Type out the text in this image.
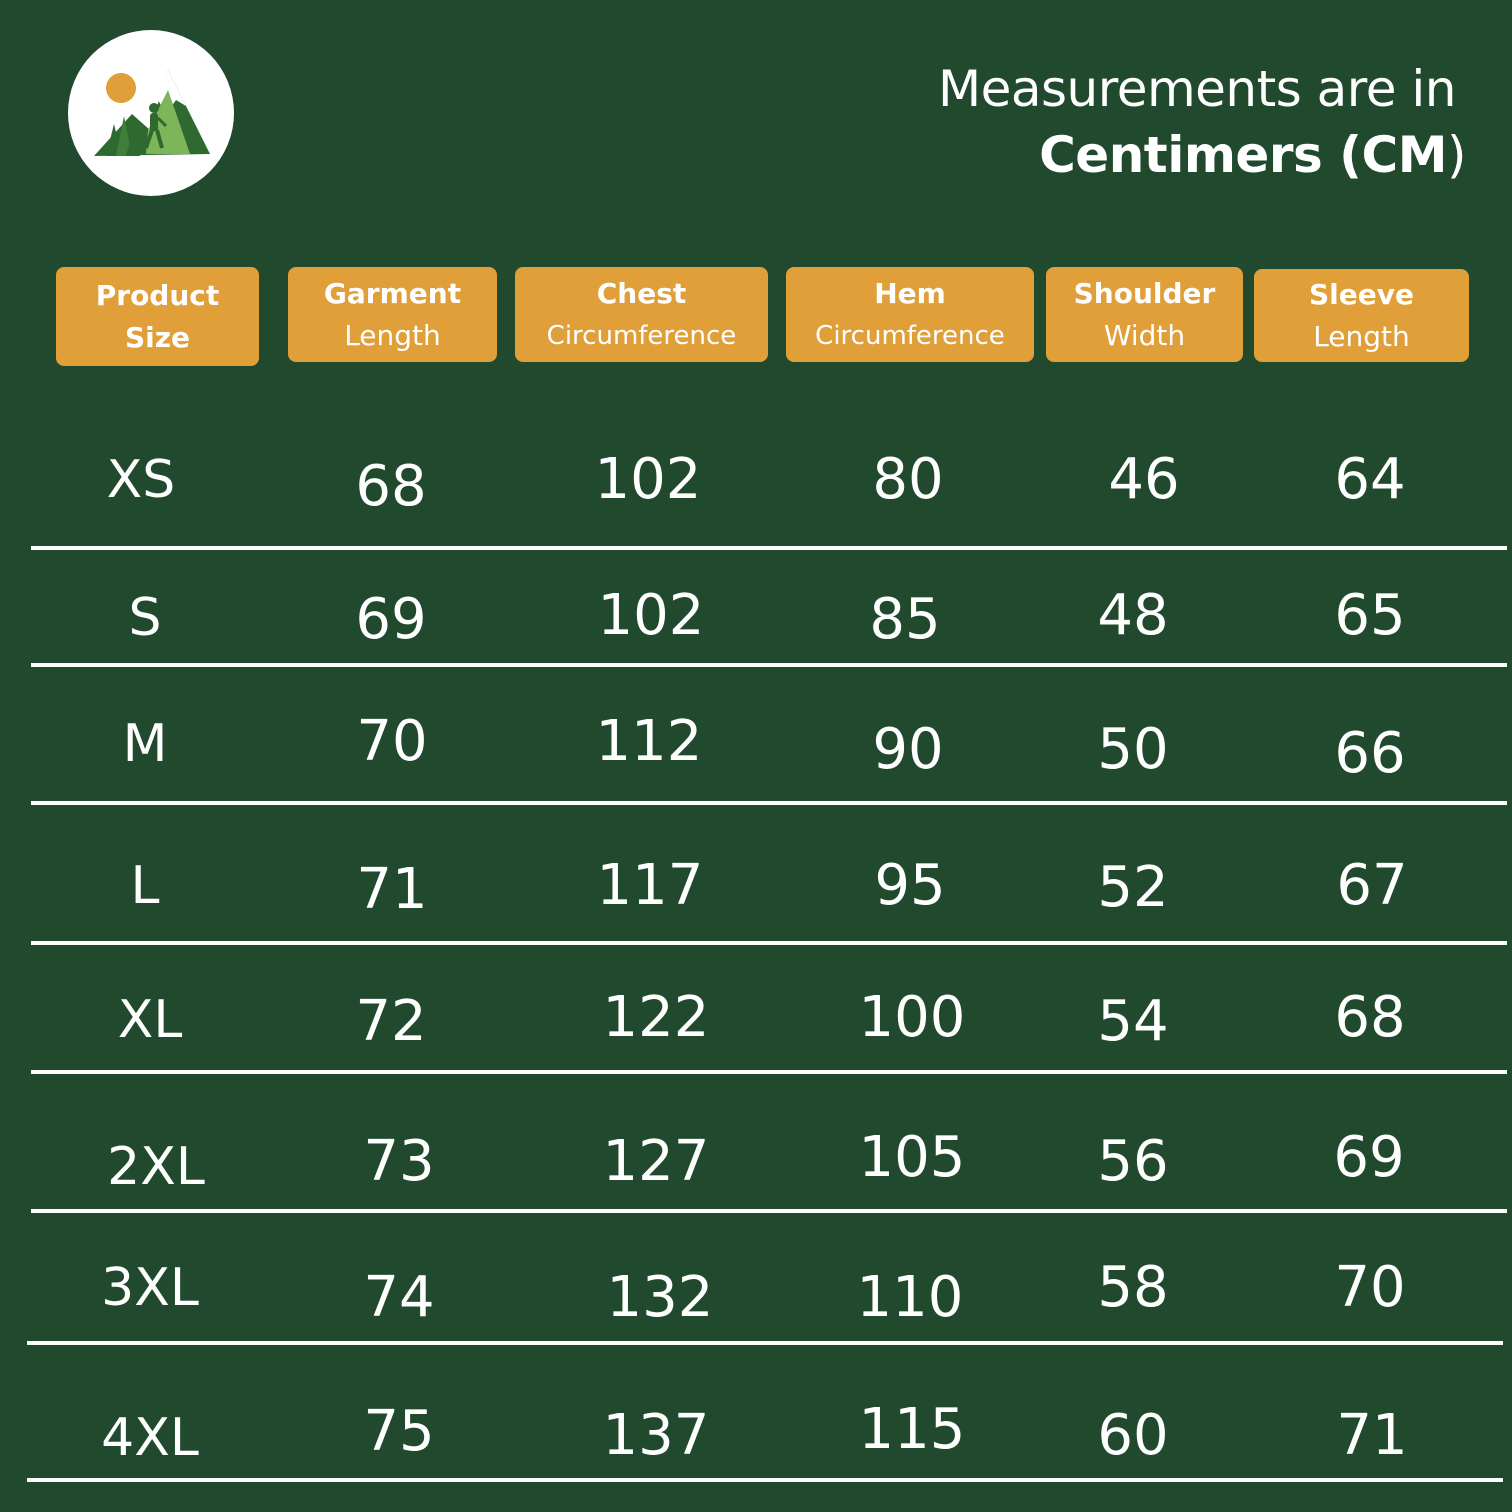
Measurements are in
Centimers (CM)
Product
Size
Garment
Length
Chest
Circumference
Hem
Circumference
Shoulder
Width
Sleeve
Length
XS	68	102	80	46	64
S	69	102	85	48	65
M	70	112	90	50	66
L	71	117	95	52	67
XL	72	122	100	54	68
2XL	73	127	105	56	69
3XL	74	132	110	58	70
4XL	75	137	115	60	71
